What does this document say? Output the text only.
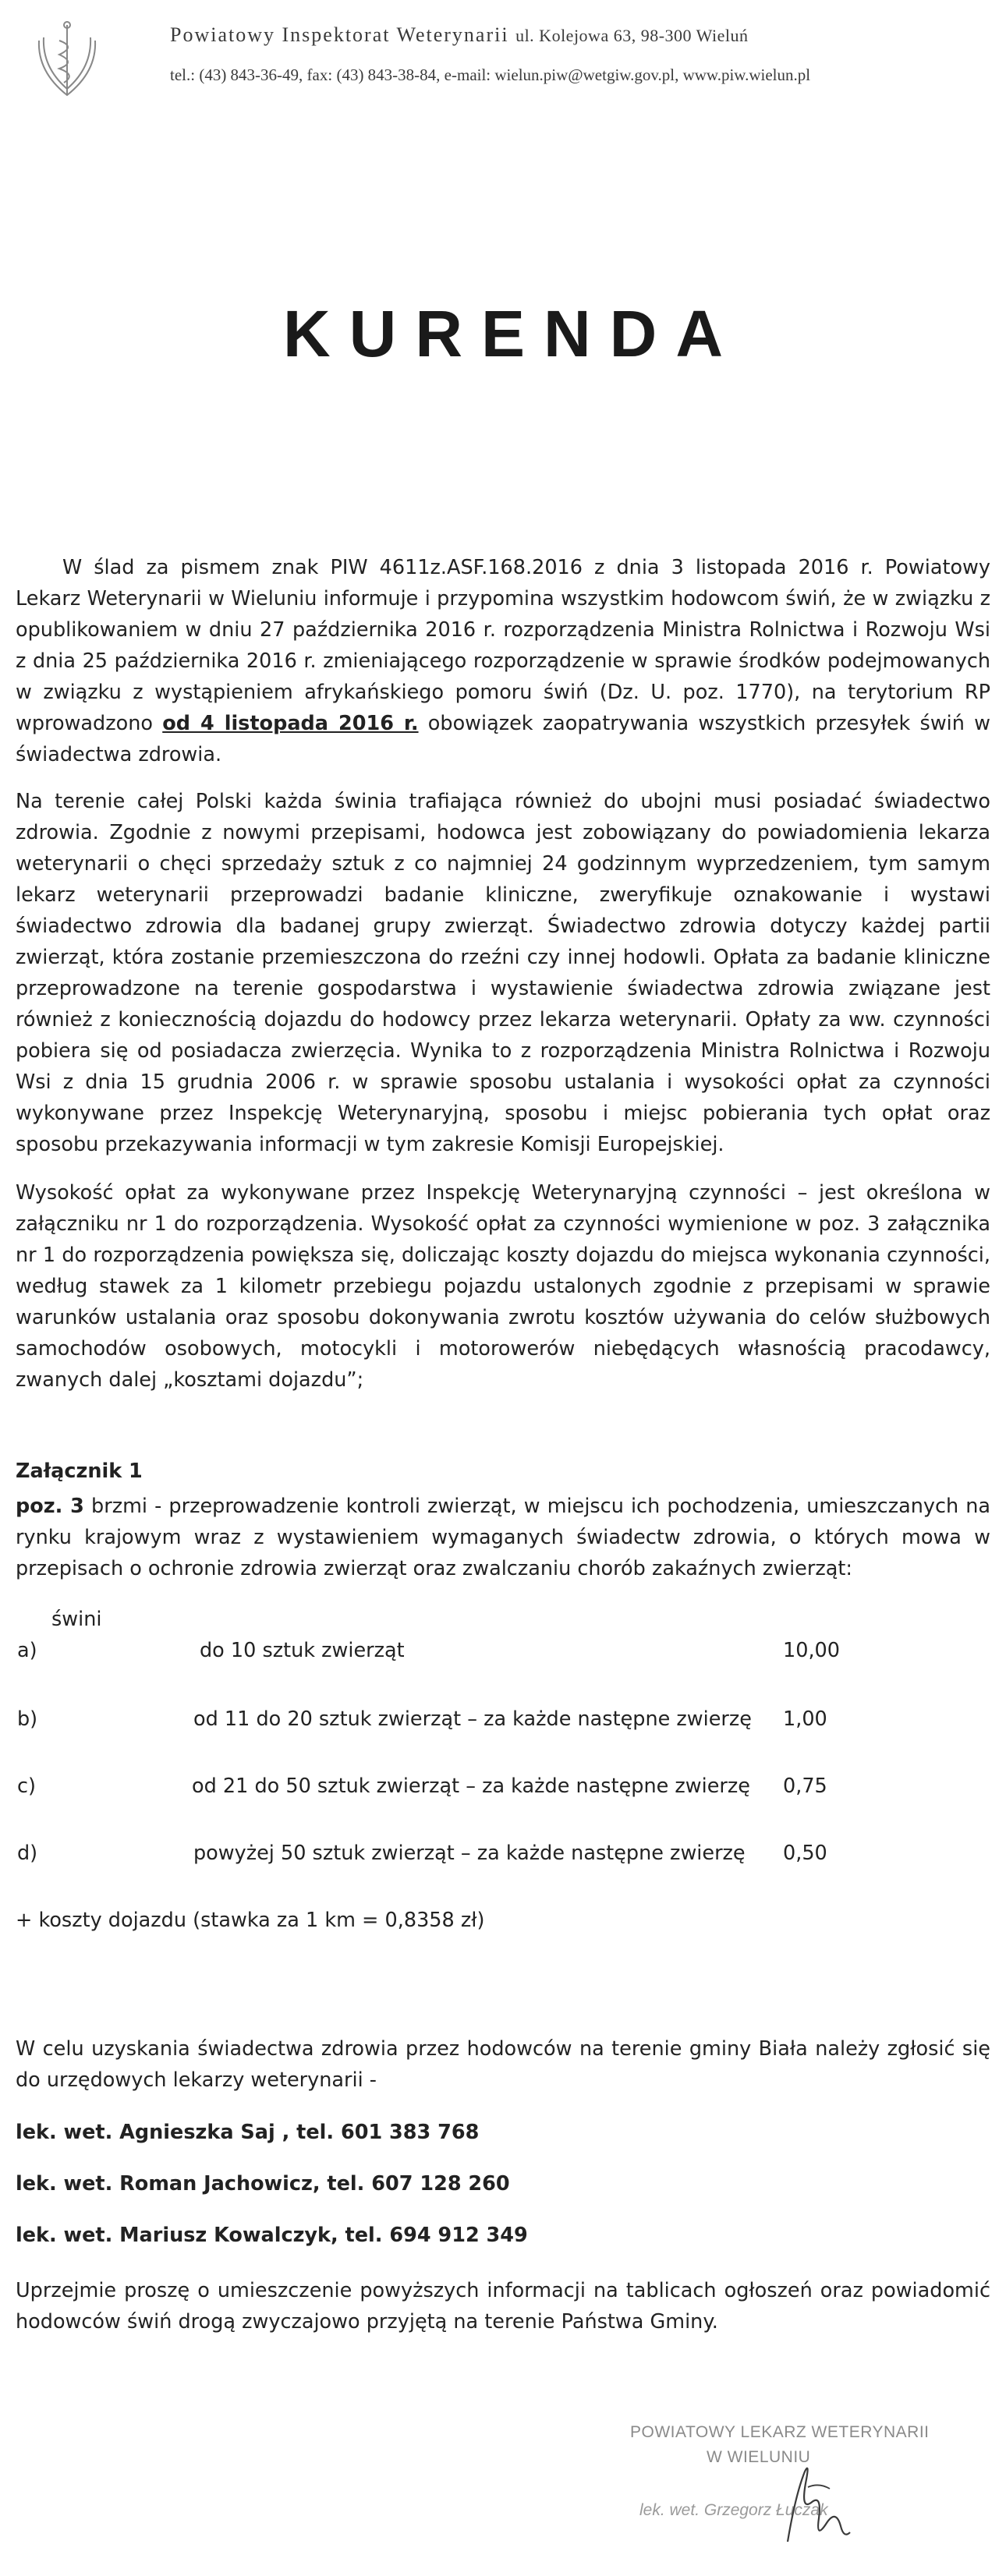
Powiatowy Inspektorat Weterynarii ul. Kolejowa 63, 98-300 Wieluń
tel.: (43) 843-36-49, fax: (43) 843-38-84, e-mail: wielun.piw@wetgiw.gov.pl, www.piw.wielun.pl
KURENDA
W ślad za pismem znak PIW 4611z.ASF.168.2016 z dnia 3 listopada 2016 r. Powiatowy Lekarz Weterynarii w Wieluniu informuje i przypomina wszystkim hodowcom świń, że w związku z opublikowaniem w dniu 27 października 2016 r. rozporządzenia Ministra Rolnictwa i Rozwoju Wsi z dnia 25 października 2016 r. zmieniającego rozporządzenie w sprawie środków podejmowanych w związku z wystąpieniem afrykańskiego pomoru świń (Dz. U. poz. 1770), na terytorium RP wprowadzono od 4 listopada 2016 r. obowiązek zaopatrywania wszystkich przesyłek świń w świadectwa zdrowia.
Na terenie całej Polski każda świnia trafiająca również do ubojni musi posiadać świadectwo zdrowia. Zgodnie z nowymi przepisami, hodowca jest zobowiązany do powiadomienia lekarza weterynarii o chęci sprzedaży sztuk z co najmniej 24 godzinnym wyprzedzeniem, tym samym lekarz weterynarii przeprowadzi badanie kliniczne, zweryfikuje oznakowanie i wystawi świadectwo zdrowia dla badanej grupy zwierząt. Świadectwo zdrowia dotyczy każdej partii zwierząt, która zostanie przemieszczona do rzeźni czy innej hodowli. Opłata za badanie kliniczne przeprowadzone na terenie gospodarstwa i wystawienie świadectwa zdrowia związane jest również z koniecznością dojazdu do hodowcy przez lekarza weterynarii. Opłaty za ww. czynności pobiera się od posiadacza zwierzęcia. Wynika to z rozporządzenia Ministra Rolnictwa i Rozwoju Wsi z dnia 15 grudnia 2006 r. w sprawie sposobu ustalania i wysokości opłat za czynności wykonywane przez Inspekcję Weterynaryjną, sposobu i miejsc pobierania tych opłat oraz sposobu przekazywania informacji w tym zakresie Komisji Europejskiej.
Wysokość opłat za wykonywane przez Inspekcję Weterynaryjną czynności – jest określona w załączniku nr 1 do rozporządzenia. Wysokość opłat za czynności wymienione w poz. 3 załącznika nr 1 do rozporządzenia powiększa się, doliczając koszty dojazdu do miejsca wykonania czynności, według stawek za 1 kilometr przebiegu pojazdu ustalonych zgodnie z przepisami w sprawie warunków ustalania oraz sposobu dokonywania zwrotu kosztów używania do celów służbowych samochodów osobowych, motocykli i motorowerów niebędących własnością pracodawcy, zwanych dalej „kosztami dojazdu”;
Załącznik 1
poz. 3 brzmi - przeprowadzenie kontroli zwierząt, w miejscu ich pochodzenia, umieszczanych na rynku krajowym wraz z wystawieniem wymaganych świadectw zdrowia, o których mowa w przepisach o ochronie zdrowia zwierząt oraz zwalczaniu chorób zakaźnych zwierząt:
świni
a)	do 10 sztuk zwierząt	10,00
b)	od 11 do 20 sztuk zwierząt – za każde następne zwierzę 1,00
c)	od 21 do 50 sztuk zwierząt – za każde następne zwierzę 0,75
d)	powyżej 50 sztuk zwierząt – za każde następne zwierzę 0,50
+ koszty dojazdu (stawka za 1 km = 0,8358 zł)
W celu uzyskania świadectwa zdrowia przez hodowców na terenie gminy Biała należy zgłosić się do urzędowych lekarzy weterynarii -
lek. wet. Agnieszka Saj , tel. 601 383 768
lek. wet. Roman Jachowicz, tel. 607 128 260
lek. wet. Mariusz Kowalczyk, tel. 694 912 349
Uprzejmie proszę o umieszczenie powyższych informacji na tablicach ogłoszeń oraz powiadomić hodowców świń drogą zwyczajowo przyjętą na terenie Państwa Gminy.
POWIATOWY LEKARZ WETERYNARII
W WIELUNIU
lek. wet. Grzegorz Łuczak
